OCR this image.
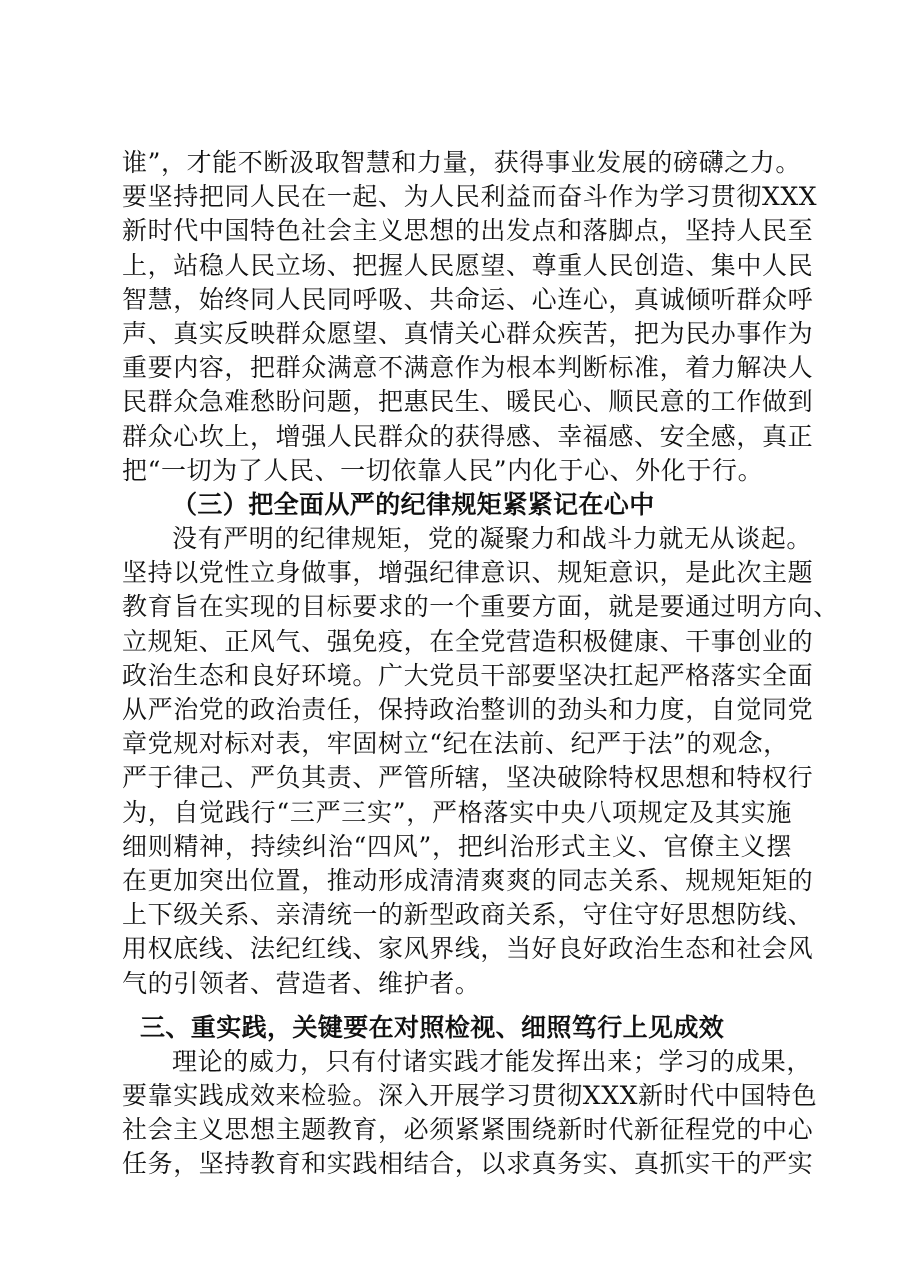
谁”，才能不断汲取智慧和力量，获得事业发展的磅礴之力。
要坚持把同人民在一起、为人民利益而奋斗作为学习贯彻XXX
新时代中国特色社会主义思想的出发点和落脚点，坚持人民至
上，站稳人民立场、把握人民愿望、尊重人民创造、集中人民
智慧，始终同人民同呼吸、共命运、心连心，真诚倾听群众呼
声、真实反映群众愿望、真情关心群众疾苦，把为民办事作为
重要内容，把群众满意不满意作为根本判断标准，着力解决人
民群众急难愁盼问题，把惠民生、暖民心、顺民意的工作做到
群众心坎上，增强人民群众的获得感、幸福感、安全感，真正
把“一切为了人民、一切依靠人民”内化于心、外化于行。
（三）把全面从严的纪律规矩紧紧记在心中
没有严明的纪律规矩，党的凝聚力和战斗力就无从谈起。
坚持以党性立身做事，增强纪律意识、规矩意识，是此次主题
教育旨在实现的目标要求的一个重要方面，就是要通过明方向、
立规矩、正风气、强免疫，在全党营造积极健康、干事创业的
政治生态和良好环境。广大党员干部要坚决扛起严格落实全面
从严治党的政治责任，保持政治整训的劲头和力度，自觉同党
章党规对标对表，牢固树立“纪在法前、纪严于法”的观念，
严于律己、严负其责、严管所辖，坚决破除特权思想和特权行
为，自觉践行“三严三实”，严格落实中央八项规定及其实施
细则精神，持续纠治“四风”，把纠治形式主义、官僚主义摆
在更加突出位置，推动形成清清爽爽的同志关系、规规矩矩的
上下级关系、亲清统一的新型政商关系，守住守好思想防线、
用权底线、法纪红线、家风界线，当好良好政治生态和社会风
气的引领者、营造者、维护者。
三、重实践，关键要在对照检视、细照笃行上见成效
理论的威力，只有付诸实践才能发挥出来；学习的成果，
要靠实践成效来检验。深入开展学习贯彻XXX新时代中国特色
社会主义思想主题教育，必须紧紧围绕新时代新征程党的中心
任务，坚持教育和实践相结合，以求真务实、真抓实干的严实
